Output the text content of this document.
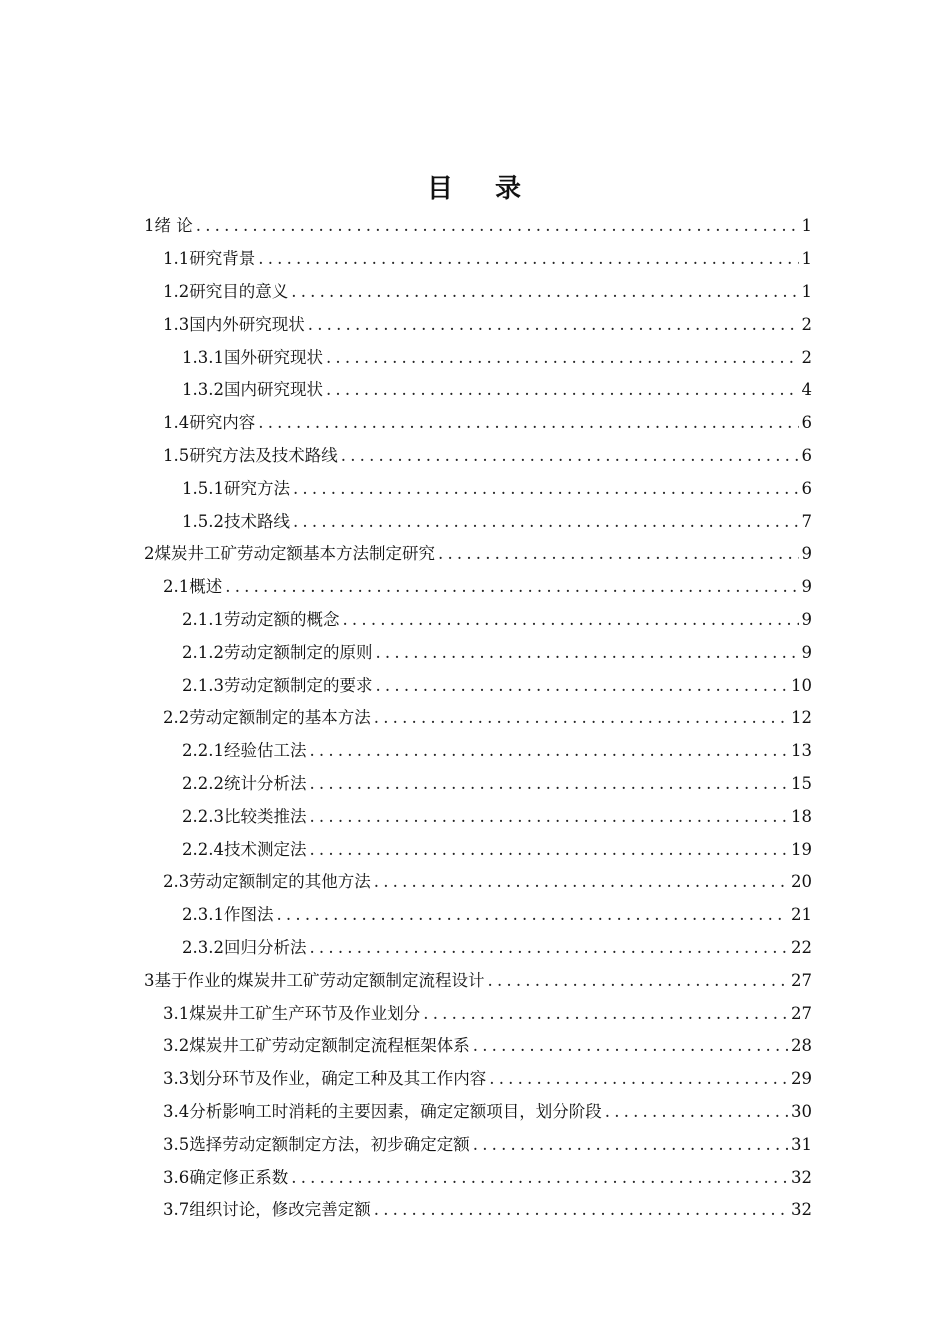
目 录
1绪 论 .....	1
1.1研究背景 .....	1
1.2研究目的意义 .....	1
1.3国内外研究现状 .....	2
1.3.1国外研究现状 .....	2
1.3.2国内研究现状 .....	4
1.4研究内容 .....	6
1.5研究方法及技术路线 .....	6
1.5.1研究方法 .....	6
1.5.2技术路线 .....	7
2煤炭井工矿劳动定额基本方法制定研究 .....	9
2.1概述 .....	9
2.1.1劳动定额的概念 .....	9
2.1.2劳动定额制定的原则 .....	9
2.1.3劳动定额制定的要求 .....	10
2.2劳动定额制定的基本方法 .....	12
2.2.1经验估工法 .....	13
2.2.2统计分析法 .....	15
2.2.3比较类推法 .....	18
2.2.4技术测定法 .....	19
2.3劳动定额制定的其他方法 .....	20
2.3.1作图法 .....	21
2.3.2回归分析法 .....	22
3基于作业的煤炭井工矿劳动定额制定流程设计 .....	27
3.1煤炭井工矿生产环节及作业划分 .....	27
3.2煤炭井工矿劳动定额制定流程框架体系 .....	28
3.3划分环节及作业，确定工种及其工作内容 .....	29
3.4分析影响工时消耗的主要因素，确定定额项目，划分阶段 .....	30
3.5选择劳动定额制定方法，初步确定定额 .....	31
3.6确定修正系数 .....	32
3.7组织讨论，修改完善定额 .....	32
